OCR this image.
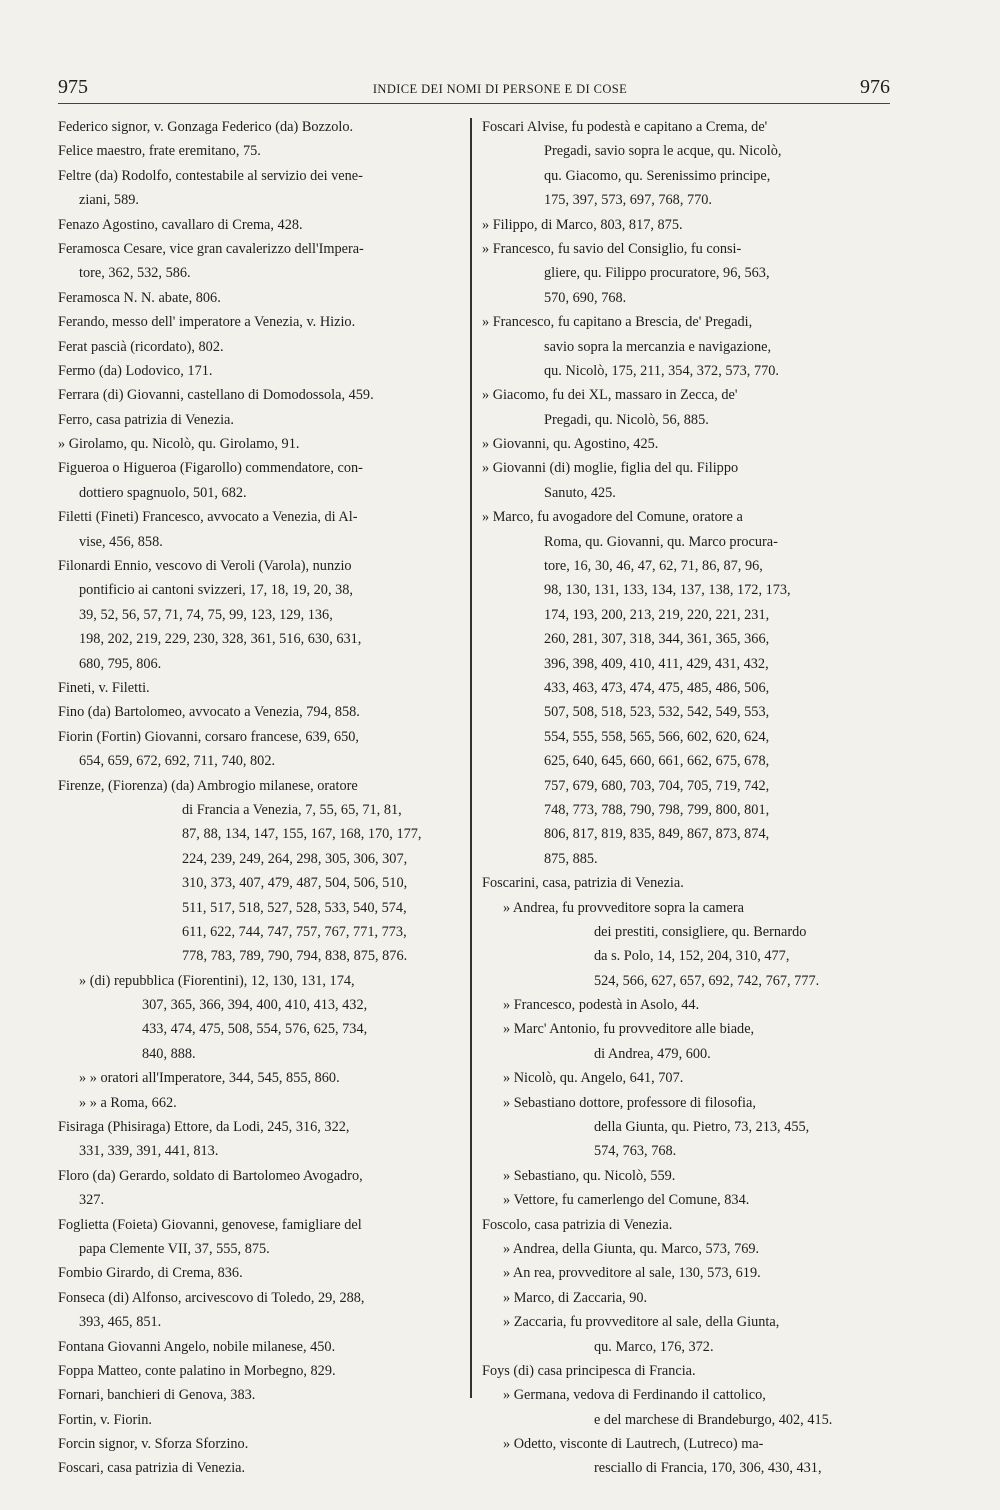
975	INDICE DEI NOMI DI PERSONE E DI COSE	976
Federico signor, v. Gonzaga Federico (da) Bozzolo.
Felice maestro, frate eremitano, 75.
Feltre (da) Rodolfo, contestabile al servizio dei vene-
ziani, 589.
Fenazo Agostino, cavallaro di Crema, 428.
Feramosca Cesare, vice gran cavalerizzo dell'Impera-
tore, 362, 532, 586.
Feramosca N. N. abate, 806.
Ferando, messo dell' imperatore a Venezia, v. Hizio.
Ferat pascià (ricordato), 802.
Fermo (da) Lodovico, 171.
Ferrara (di) Giovanni, castellano di Domodossola, 459.
Ferro, casa patrizia di Venezia.
» Girolamo, qu. Nicolò, qu. Girolamo, 91.
Figueroa o Higueroa (Figarollo) commendatore, con-
dottiero spagnuolo, 501, 682.
Filetti (Fineti) Francesco, avvocato a Venezia, di Al-
vise, 456, 858.
Filonardi Ennio, vescovo di Veroli (Varola), nunzio
pontificio ai cantoni svizzeri, 17, 18, 19, 20, 38,
39, 52, 56, 57, 71, 74, 75, 99, 123, 129, 136,
198, 202, 219, 229, 230, 328, 361, 516, 630, 631,
680, 795, 806.
Fineti, v. Filetti.
Fino (da) Bartolomeo, avvocato a Venezia, 794, 858.
Fiorin (Fortin) Giovanni, corsaro francese, 639, 650,
654, 659, 672, 692, 711, 740, 802.
Firenze, (Fiorenza) (da) Ambrogio milanese, oratore
di Francia a Venezia, 7, 55, 65, 71, 81,
87, 88, 134, 147, 155, 167, 168, 170, 177,
224, 239, 249, 264, 298, 305, 306, 307,
310, 373, 407, 479, 487, 504, 506, 510,
511, 517, 518, 527, 528, 533, 540, 574,
611, 622, 744, 747, 757, 767, 771, 773,
778, 783, 789, 790, 794, 838, 875, 876.
» (di) repubblica (Fiorentini), 12, 130, 131, 174,
307, 365, 366, 394, 400, 410, 413, 432,
433, 474, 475, 508, 554, 576, 625, 734,
840, 888.
» » oratori all'Imperatore, 344, 545, 855, 860.
» » a Roma, 662.
Fisiraga (Phisiraga) Ettore, da Lodi, 245, 316, 322,
331, 339, 391, 441, 813.
Floro (da) Gerardo, soldato di Bartolomeo Avogadro,
327.
Foglietta (Foieta) Giovanni, genovese, famigliare del
papa Clemente VII, 37, 555, 875.
Fombio Girardo, di Crema, 836.
Fonseca (di) Alfonso, arcivescovo di Toledo, 29, 288,
393, 465, 851.
Fontana Giovanni Angelo, nobile milanese, 450.
Foppa Matteo, conte palatino in Morbegno, 829.
Fornari, banchieri di Genova, 383.
Fortin, v. Fiorin.
Forcin signor, v. Sforza Sforzino.
Foscari, casa patrizia di Venezia.
Foscari Alvise, fu podestà e capitano a Crema, de'
Pregadi, savio sopra le acque, qu. Nicolò,
qu. Giacomo, qu. Serenissimo principe,
175, 397, 573, 697, 768, 770.
» Filippo, di Marco, 803, 817, 875.
» Francesco, fu savio del Consiglio, fu consi-
gliere, qu. Filippo procuratore, 96, 563,
570, 690, 768.
» Francesco, fu capitano a Brescia, de' Pregadi,
savio sopra la mercanzia e navigazione,
qu. Nicolò, 175, 211, 354, 372, 573, 770.
» Giacomo, fu dei XL, massaro in Zecca, de'
Pregadi, qu. Nicolò, 56, 885.
» Giovanni, qu. Agostino, 425.
» Giovanni (di) moglie, figlia del qu. Filippo
Sanuto, 425.
» Marco, fu avogadore del Comune, oratore a
Roma, qu. Giovanni, qu. Marco procura-
tore, 16, 30, 46, 47, 62, 71, 86, 87, 96,
98, 130, 131, 133, 134, 137, 138, 172, 173,
174, 193, 200, 213, 219, 220, 221, 231,
260, 281, 307, 318, 344, 361, 365, 366,
396, 398, 409, 410, 411, 429, 431, 432,
433, 463, 473, 474, 475, 485, 486, 506,
507, 508, 518, 523, 532, 542, 549, 553,
554, 555, 558, 565, 566, 602, 620, 624,
625, 640, 645, 660, 661, 662, 675, 678,
757, 679, 680, 703, 704, 705, 719, 742,
748, 773, 788, 790, 798, 799, 800, 801,
806, 817, 819, 835, 849, 867, 873, 874,
875, 885.
Foscarini, casa, patrizia di Venezia.
» Andrea, fu provveditore sopra la camera
dei prestiti, consigliere, qu. Bernardo
da s. Polo, 14, 152, 204, 310, 477,
524, 566, 627, 657, 692, 742, 767, 777.
» Francesco, podestà in Asolo, 44.
» Marc' Antonio, fu provveditore alle biade,
di Andrea, 479, 600.
» Nicolò, qu. Angelo, 641, 707.
» Sebastiano dottore, professore di filosofia,
della Giunta, qu. Pietro, 73, 213, 455,
574, 763, 768.
» Sebastiano, qu. Nicolò, 559.
» Vettore, fu camerlengo del Comune, 834.
Foscolo, casa patrizia di Venezia.
» Andrea, della Giunta, qu. Marco, 573, 769.
» An rea, provveditore al sale, 130, 573, 619.
» Marco, di Zaccaria, 90.
» Zaccaria, fu provveditore al sale, della Giunta,
qu. Marco, 176, 372.
Foys (di) casa principesca di Francia.
» Germana, vedova di Ferdinando il cattolico,
e del marchese di Brandeburgo, 402, 415.
» Odetto, visconte di Lautrech, (Lutreco) ma-
resciallo di Francia, 170, 306, 430, 431,
